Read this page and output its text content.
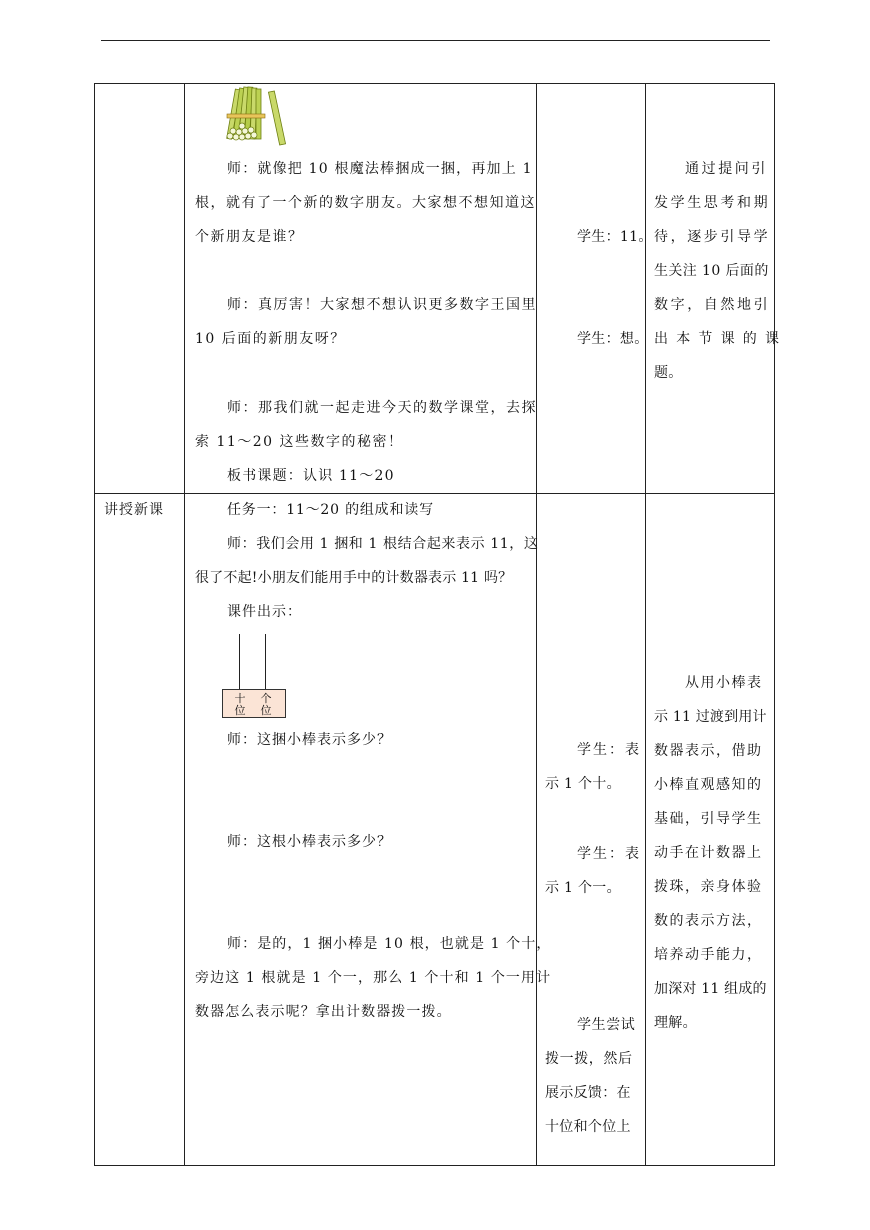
师：就像把 10 根魔法棒捆成一捆，再加上 1
根，就有了一个新的数字朋友。大家想不想知道这
个新朋友是谁？
师：真厉害！大家想不想认识更多数字王国里
10 后面的新朋友呀？
师：那我们就一起走进今天的数学课堂，去探
索 11～20 这些数字的秘密！
板书课题：认识 11～20
学生：11。
学生：想。
通过提问引
发学生思考和期
待，逐步引导学
生关注 10 后面的
数字，自然地引
出本节课的课
题。
讲授新课	任务一：11～20 的组成和读写
师：我们会用 1 捆和 1 根结合起来表示 11，这
很了不起!小朋友们能用手中的计数器表示 11 吗？
课件出示：
十
位
个
位
师：这捆小棒表示多少？
师：这根小棒表示多少？
师：是的，1 捆小棒是 10 根，也就是 1 个十，
旁边这 1 根就是 1 个一，那么 1 个十和 1 个一用计
数器怎么表示呢？拿出计数器拨一拨。
学生：表
示 1 个十。
学生：表
示 1 个一。
学生尝试
拨一拨，然后
展示反馈：在
十位和个位上
从用小棒表
示 11 过渡到用计
数器表示，借助
小棒直观感知的
基础，引导学生
动手在计数器上
拨珠，亲身体验
数的表示方法，
培养动手能力，
加深对 11 组成的
理解。
